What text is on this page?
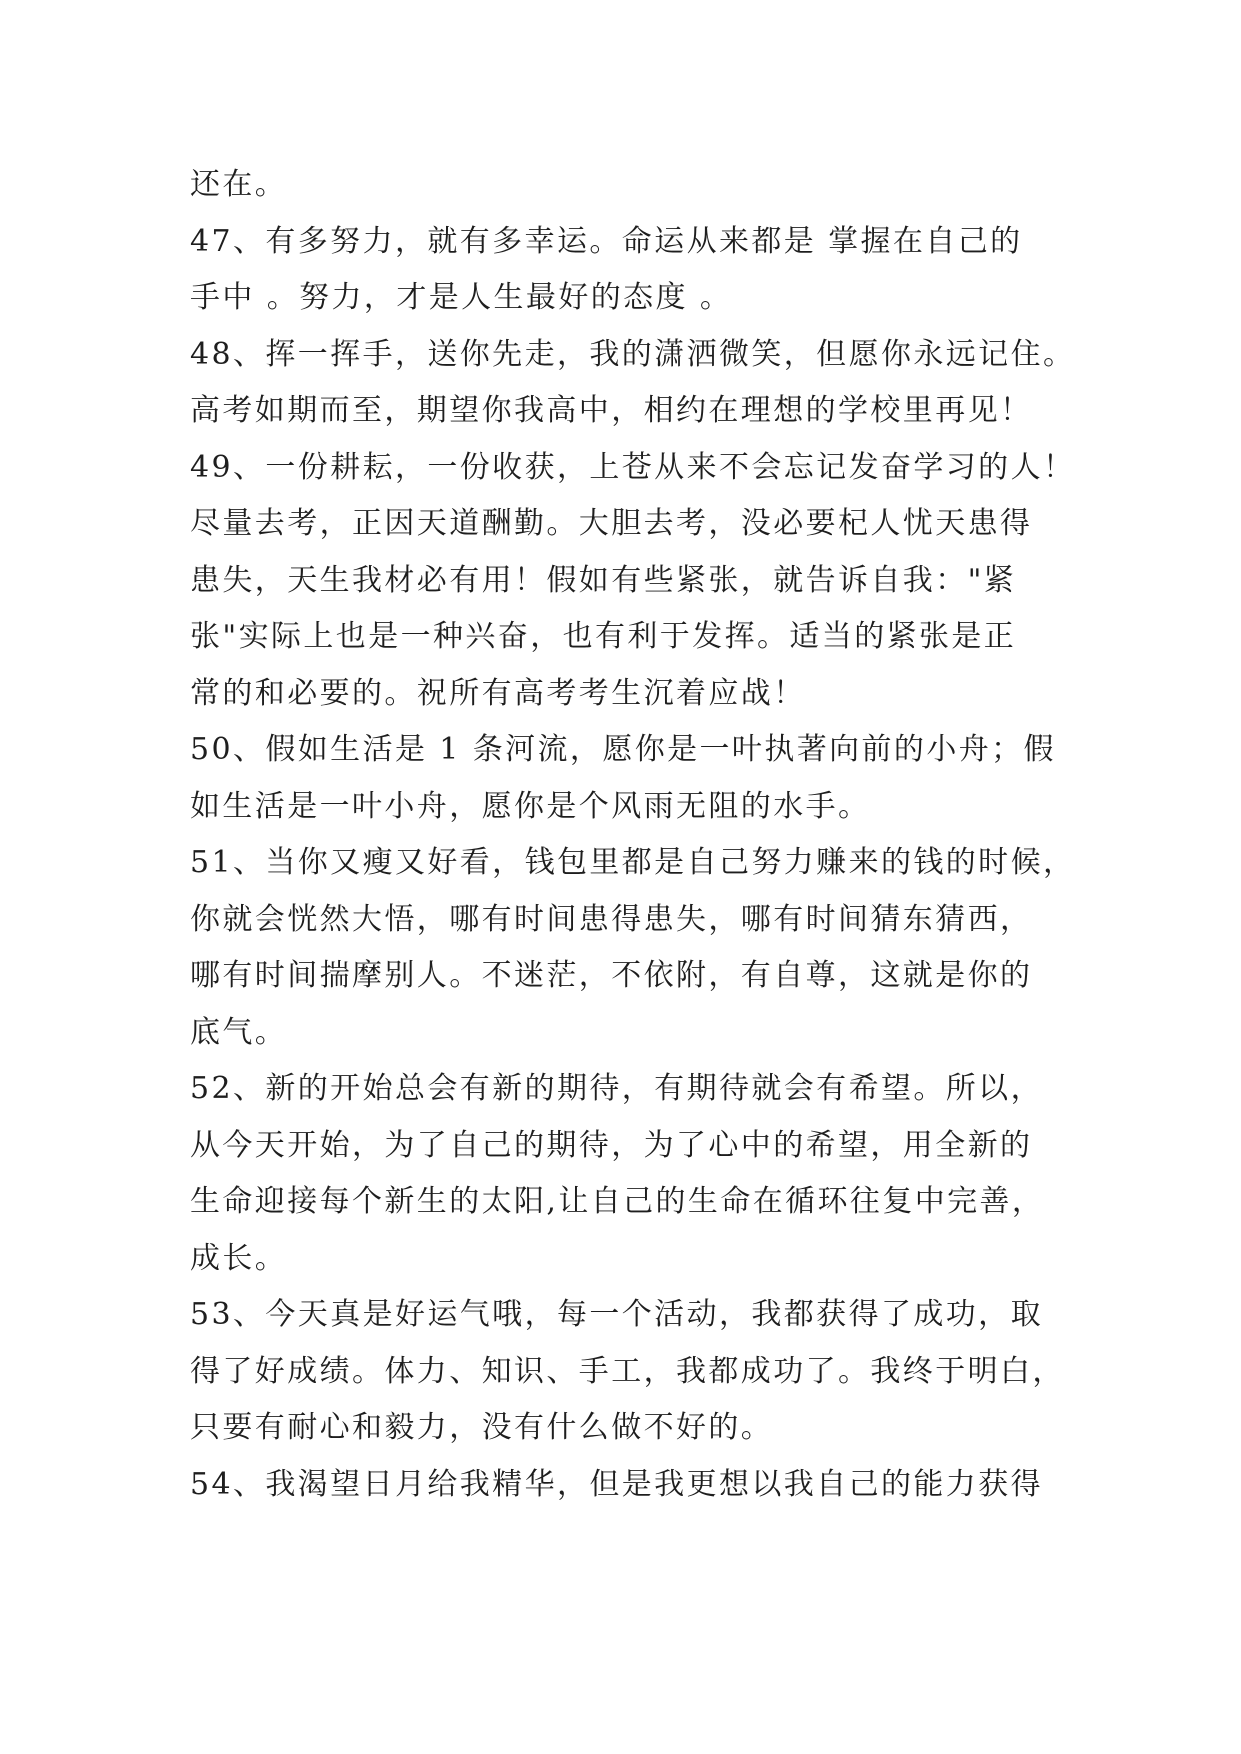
还在。
47、有多努力，就有多幸运。命运从来都是 掌握在自己的
手中 。努力，才是人生最好的态度 。
48、挥一挥手，送你先走，我的潇洒微笑，但愿你永远记住。
高考如期而至，期望你我高中，相约在理想的学校里再见！
49、一份耕耘，一份收获，上苍从来不会忘记发奋学习的人！
尽量去考，正因天道酬勤。大胆去考，没必要杞人忧天患得
患失，天生我材必有用！假如有些紧张，就告诉自我："紧
张"实际上也是一种兴奋，也有利于发挥。适当的紧张是正
常的和必要的。祝所有高考考生沉着应战！
50、假如生活是 1 条河流，愿你是一叶执著向前的小舟；假
如生活是一叶小舟，愿你是个风雨无阻的水手。
51、当你又瘦又好看，钱包里都是自己努力赚来的钱的时候，
你就会恍然大悟，哪有时间患得患失，哪有时间猜东猜西，
哪有时间揣摩别人。不迷茫，不依附，有自尊，这就是你的
底气。
52、新的开始总会有新的期待，有期待就会有希望。所以，
从今天开始，为了自己的期待，为了心中的希望，用全新的
生命迎接每个新生的太阳,让自己的生命在循环往复中完善，
成长。
53、今天真是好运气哦，每一个活动，我都获得了成功，取
得了好成绩。体力、知识、手工，我都成功了。我终于明白，
只要有耐心和毅力，没有什么做不好的。
54、我渴望日月给我精华，但是我更想以我自己的能力获得
